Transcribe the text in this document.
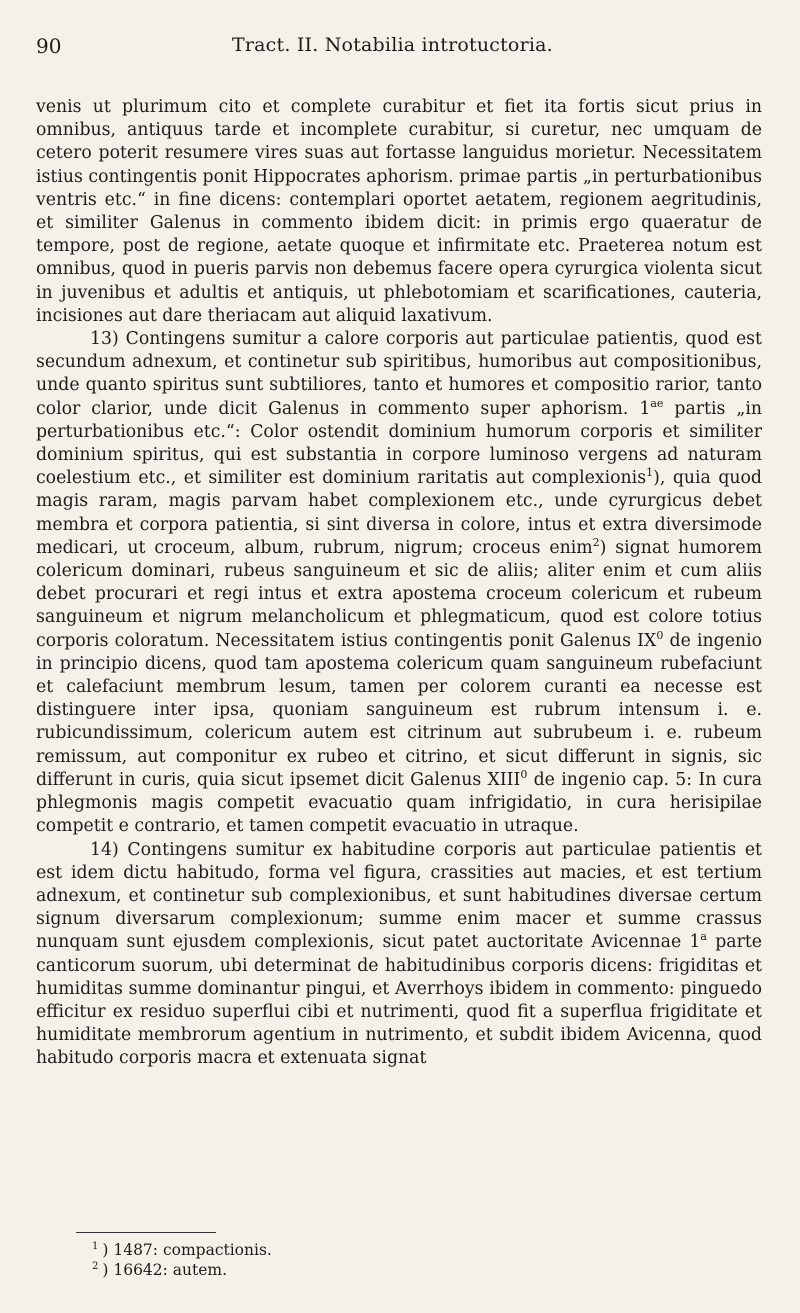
90	Tract. II. Notabilia introtuctoria.

venis ut plurimum cito et complete curabitur et fiet ita fortis sicut prius in omnibus, antiquus tarde et incomplete curabitur, si curetur, nec umquam de cetero poterit resumere vires suas aut fortasse languidus morietur. Necessitatem istius contingentis ponit Hippocrates aphorism. primae partis „in perturbationibus ventris etc.“ in fine dicens: contemplari oportet aetatem, regionem aegritudinis, et similiter Galenus in commento ibidem dicit: in primis ergo quaeratur de tempore, post de regione, aetate quoque et infirmitate etc. Praeterea notum est omnibus, quod in pueris parvis non debemus facere opera cyrurgica violenta sicut in juvenibus et adultis et antiquis, ut phlebotomiam et scarificationes, cauteria, incisiones aut dare theriacam aut aliquid laxativum.

13) Contingens sumitur a calore corporis aut particulae patientis, quod est secundum adnexum, et continetur sub spiritibus, humoribus aut compositionibus, unde quanto spiritus sunt subtiliores, tanto et humores et compositio rarior, tanto color clarior, unde dicit Galenus in commento super aphorism. $1^{ae}$ partis „in perturbationibus etc.“: Color ostendit dominium humorum corporis et similiter dominium spiritus, qui est substantia in corpore luminoso vergens ad naturam coelestium etc., et similiter est dominium raritatis aut complexionis$^1$), quia quod magis raram, magis parvam habet complexionem etc., unde cyrurgicus debet membra et corpora patientia, si sint diversa in colore, intus et extra diversimode medicari, ut croceum, album, rubrum, nigrum; croceus enim$^2$) signat humorem colericum dominari, rubeus sanguineum et sic de aliis; aliter enim et cum aliis debet procurari et regi intus et extra apostema croceum colericum et rubeum sanguineum et nigrum melancholicum et phlegmaticum, quod est colore totius corporis coloratum. Necessitatem istius contingentis ponit Galenus $IX^0$ de ingenio in principio dicens, quod tam apostema colericum quam sanguineum rubefaciunt et calefaciunt membrum lesum, tamen per colorem curanti ea necesse est distinguere inter ipsa, quoniam sanguineum est rubrum intensum i. e. rubicundissimum, colericum autem est citrinum aut subrubeum i. e. rubeum remissum, aut componitur ex rubeo et citrino, et sicut differunt in signis, sic differunt in curis, quia sicut ipsemet dicit Galenus XIII$^0$ de ingenio cap. 5: In cura phlegmonis magis competit evacuatio quam infrigidatio, in cura herisipilae competit e contrario, et tamen competit evacuatio in utraque.

14) Contingens sumitur ex habitudine corporis aut particulae patientis et est idem dictu habitudo, forma vel figura, crassities aut macies, et est tertium adnexum, et continetur sub complexionibus, et sunt habitudines diversae certum signum diversarum complexionum; summe enim macer et summe crassus nunquam sunt ejusdem complexionis, sicut patet auctoritate Avicennae 1$^a$ parte canticorum suorum, ubi determinat de habitudinibus corporis dicens: frigiditas et humiditas summe dominantur pingui, et Averrhoys ibidem in commento: pinguedo efficitur ex residuo superflui cibi et nutrimenti, quod fit a superflua frigiditate et humiditate membrorum agentium in nutrimento, et subdit ibidem Avicenna, quod habitudo corporis macra et extenuata signat

$^1$ ) 1487: compactionis.
$^2$ ) 16642: autem.
